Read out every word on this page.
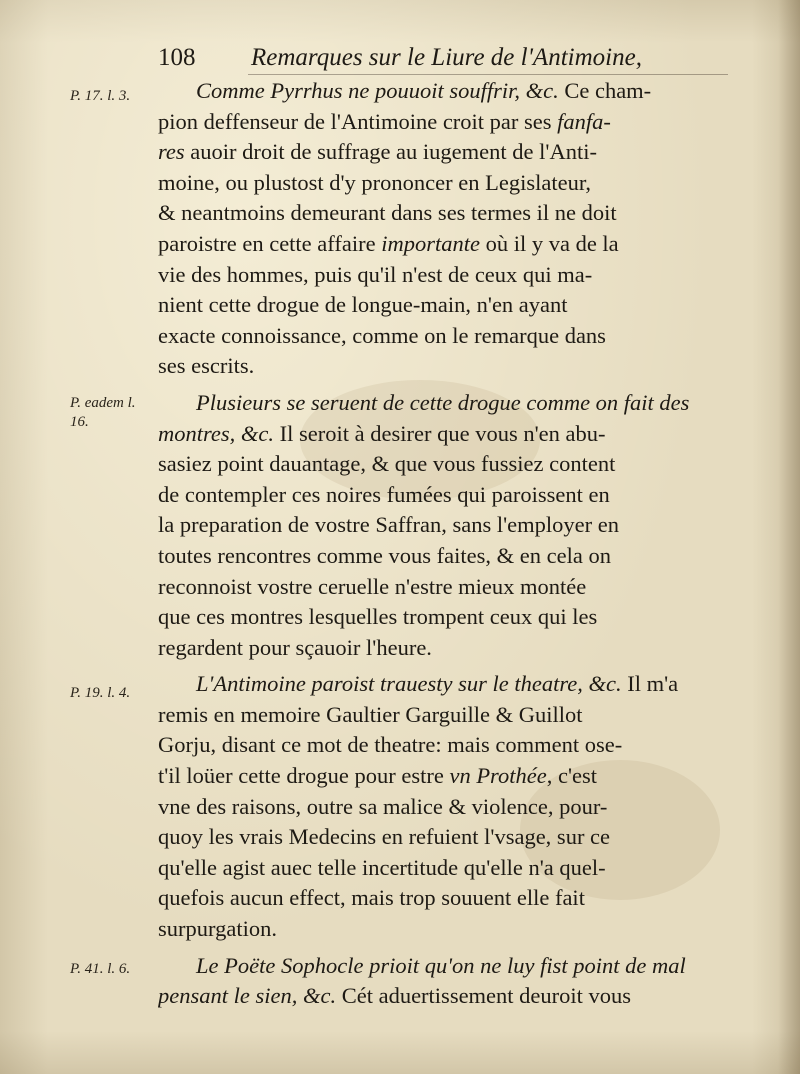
108 Remarques sur le Liure de l'Antimoine,
P. 17. l. 3.
P. eadem l. 16.
P. 19. l. 4.
P. 41. l. 6.
Comme Pyrrhus ne pouuoit souffrir, &c. Ce cham-
pion deffenseur de l'Antimoine croit par ses fanfa-
res auoir droit de suffrage au iugement de l'Anti-
moine, ou plustost d'y prononcer en Legislateur,
& neantmoins demeurant dans ses termes il ne doit
paroistre en cette affaire importante où il y va de la
vie des hommes, puis qu'il n'est de ceux qui ma-
nient cette drogue de longue-main, n'en ayant
exacte connoissance, comme on le remarque dans
ses escrits.
Plusieurs se seruent de cette drogue comme on fait des
montres, &c. Il seroit à desirer que vous n'en abu-
sasiez point dauantage, & que vous fussiez content
de contempler ces noires fumées qui paroissent en
la preparation de vostre Saffran, sans l'employer en
toutes rencontres comme vous faites, & en cela on
reconnoist vostre ceruelle n'estre mieux montée
que ces montres lesquelles trompent ceux qui les
regardent pour sçauoir l'heure.
L'Antimoine paroist trauesty sur le theatre, &c. Il m'a
remis en memoire Gaultier Garguille & Guillot
Gorju, disant ce mot de theatre: mais comment ose-
t'il loüer cette drogue pour estre vn Prothée, c'est
vne des raisons, outre sa malice & violence, pour-
quoy les vrais Medecins en refuient l'vsage, sur ce
qu'elle agist auec telle incertitude qu'elle n'a quel-
quefois aucun effect, mais trop souuent elle fait
surpurgation.
Le Poëte Sophocle prioit qu'on ne luy fist point de mal
pensant le sien, &c. Cét aduertissement deuroit vous
